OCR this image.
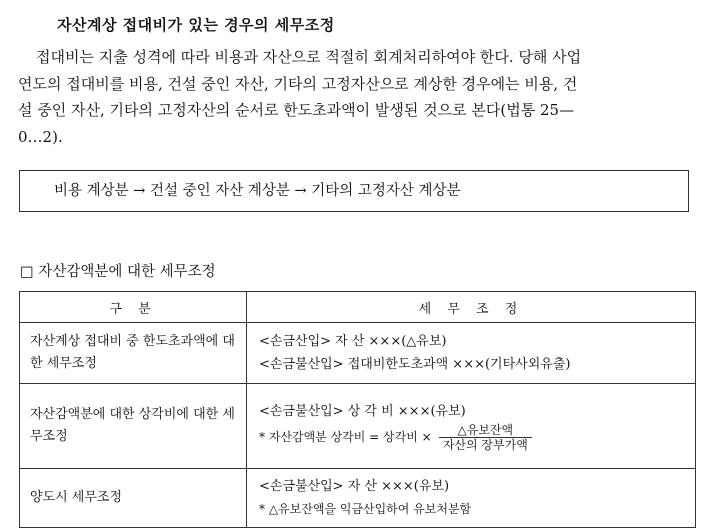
자산계상 접대비가 있는 경우의 세무조정

접대비는 지출 성격에 따라 비용과 자산으로 적절히 회계처리하여야 한다. 당해 사업

연도의 접대비를 비용, 건설 중인 자산, 기타의 고정자산으로 계상한 경우에는 비용, 건

설 중인 자산, 기타의 고정자산의 순서로 한도초과액이 발생된 것으로 본다(법통 25—

0…2).

비용 계상분 → 건설 중인 자산 계상분 → 기타의 고정자산 계상분
□ 자산감액분에 대한 세무조정
구 분	세 무 조 정
자산계상 접대비 중 한도초과액에 대한 세무조정	<손금산입> 자 산 ×××(△유보)
<손금불산입> 접대비한도초과액 ×××(기타사외유출)

자산감액분에 대한 상각비에 대한 세무조정	<손금불산입> 상 각 비 ×××(유보)
* 자산감액분 상각비 = 상각비 × $\frac{\text{△유보잔액}}{\text{자산의 장부가액}}$

양도시 세무조정	<손금불산입> 자 산 ×××(유보)
* △유보잔액을 익금산입하여 유보처분함
